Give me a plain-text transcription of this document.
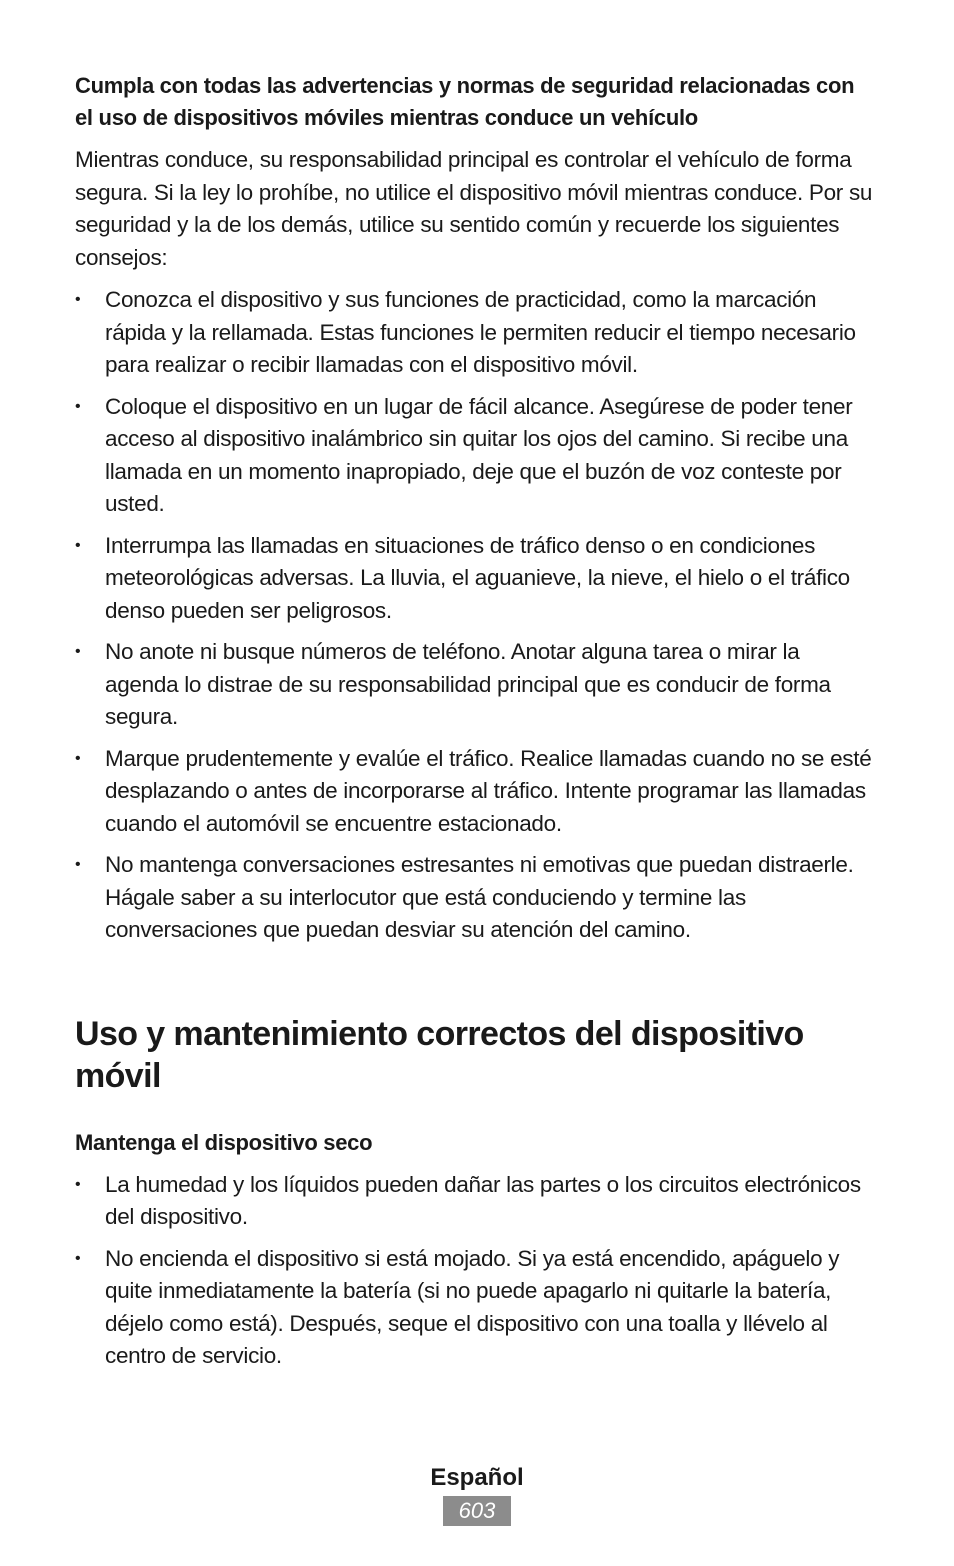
Cumpla con todas las advertencias y normas de seguridad relacionadas con el uso de dispositivos móviles mientras conduce un vehículo

Mientras conduce, su responsabilidad principal es controlar el vehículo de forma segura. Si la ley lo prohíbe, no utilice el dispositivo móvil mientras conduce. Por su seguridad y la de los demás, utilice su sentido común y recuerde los siguientes consejos:

• Conozca el dispositivo y sus funciones de practicidad, como la marcación rápida y la rellamada. Estas funciones le permiten reducir el tiempo necesario para realizar o recibir llamadas con el dispositivo móvil.
• Coloque el dispositivo en un lugar de fácil alcance. Asegúrese de poder tener acceso al dispositivo inalámbrico sin quitar los ojos del camino. Si recibe una llamada en un momento inapropiado, deje que el buzón de voz conteste por usted.
• Interrumpa las llamadas en situaciones de tráfico denso o en condiciones meteorológicas adversas. La lluvia, el aguanieve, la nieve, el hielo o el tráfico denso pueden ser peligrosos.
• No anote ni busque números de teléfono. Anotar alguna tarea o mirar la agenda lo distrae de su responsabilidad principal que es conducir de forma segura.
• Marque prudentemente y evalúe el tráfico. Realice llamadas cuando no se esté desplazando o antes de incorporarse al tráfico. Intente programar las llamadas cuando el automóvil se encuentre estacionado.
• No mantenga conversaciones estresantes ni emotivas que puedan distraerle. Hágale saber a su interlocutor que está conduciendo y termine las conversaciones que puedan desviar su atención del camino.
Uso y mantenimiento correctos del dispositivo móvil
Mantenga el dispositivo seco
• La humedad y los líquidos pueden dañar las partes o los circuitos electrónicos del dispositivo.
• No encienda el dispositivo si está mojado. Si ya está encendido, apáguelo y quite inmediatamente la batería (si no puede apagarlo ni quitarle la batería, déjelo como está). Después, seque el dispositivo con una toalla y llévelo al centro de servicio.
Español
603
